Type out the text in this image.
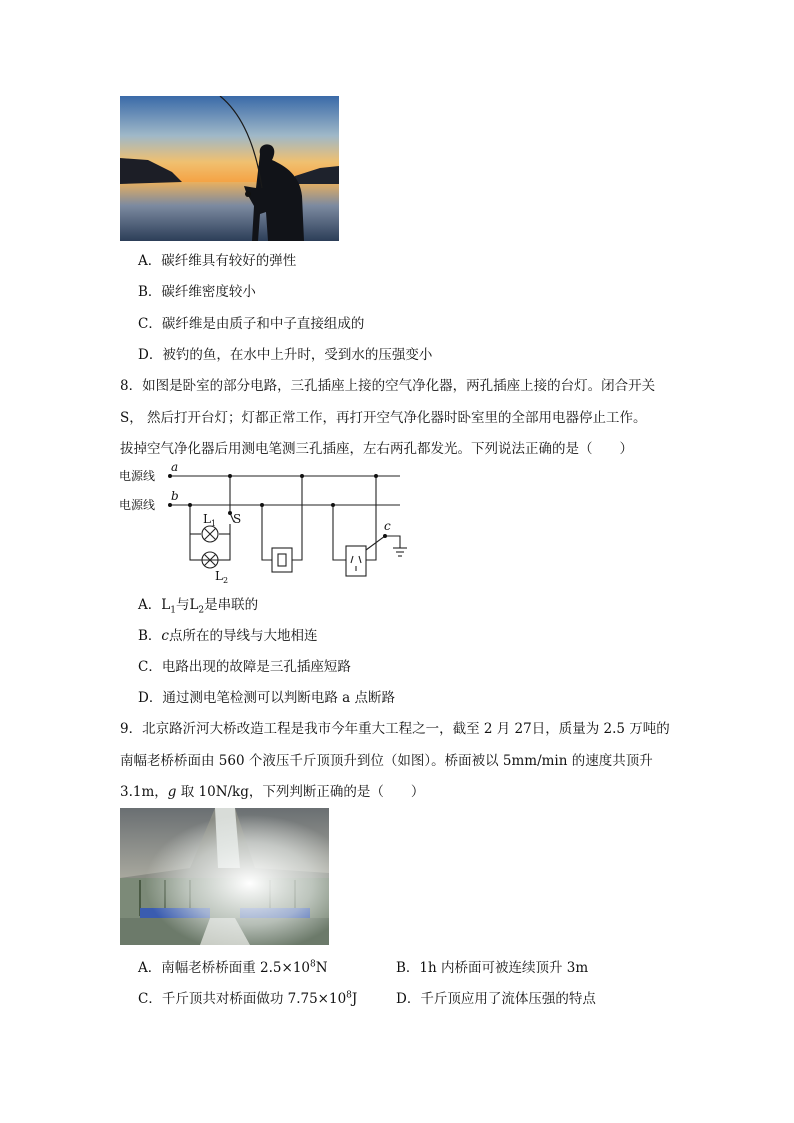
A．碳纤维具有较好的弹性
B．碳纤维密度较小
C．碳纤维是由质子和中子直接组成的
D．被钓的鱼，在水中上升时，受到水的压强变小
8．如图是卧室的部分电路，三孔插座上接的空气净化器，两孔插座上接的台灯。闭合开关
S， 然后打开台灯；灯都正常工作，再打开空气净化器时卧室里的全部用电器停止工作。
拔掉空气净化器后用测电笔测三孔插座，左右两孔都发光。下列说法正确的是（　　）
电源线
电源线
a
b
c
$L_1$
$L_2$
S
A．$L_1$与$L_2$是串联的
B．c点所在的导线与大地相连
C．电路出现的故障是三孔插座短路
D．通过测电笔检测可以判断电路 a 点断路
9．北京路沂河大桥改造工程是我市今年重大工程之一，截至 2 月 27日，质量为 2.5 万吨的
南幅老桥桥面由 560 个液压千斤顶顶升到位（如图）。桥面被以 5mm/min 的速度共顶升
3.1m，g 取 10N/kg，下列判断正确的是（　　）
A．南幅老桥桥面重 $2.5\times 10^8N$	B．1h 内桥面可被连续顶升 3m
C．千斤顶共对桥面做功 $7.75\times 10^8J$	D．千斤顶应用了流体压强的特点
